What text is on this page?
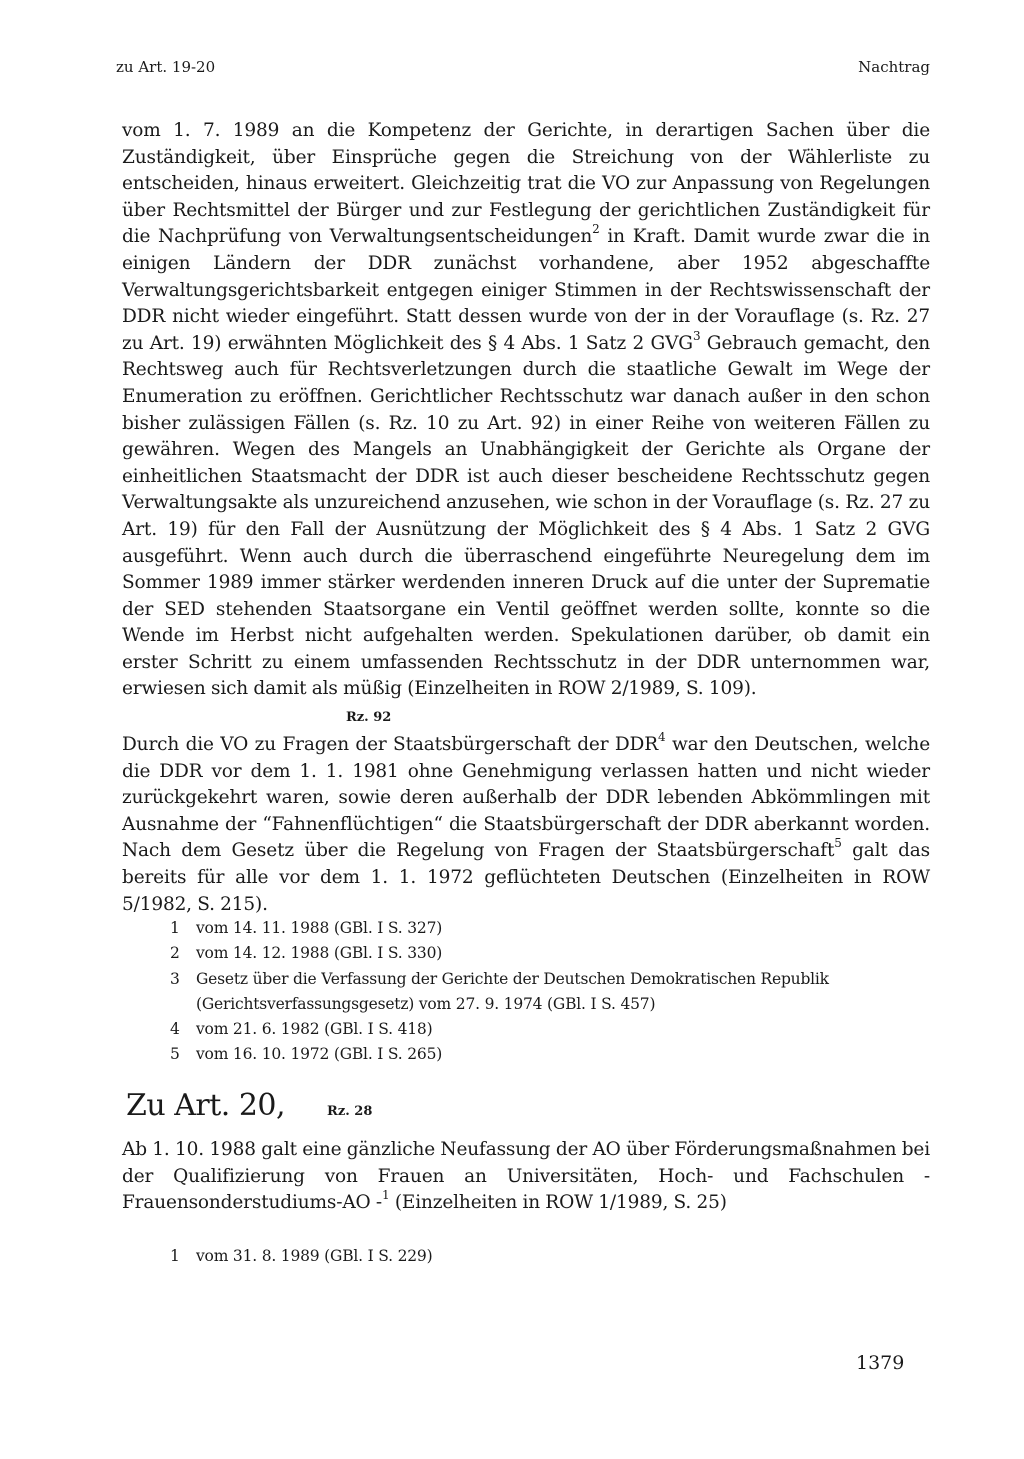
zu Art. 19-20	Nachtrag

vom 1. 7. 1989 an die Kompetenz der Gerichte, in derartigen Sachen über die Zuständigkeit, über Einsprüche gegen die Streichung von der Wählerliste zu entscheiden, hinaus erweitert. Gleichzeitig trat die VO zur Anpassung von Regelungen über Rechtsmittel der Bürger und zur Festlegung der gerichtlichen Zuständigkeit für die Nachprüfung von Verwaltungsentscheidungen$^2$ in Kraft. Damit wurde zwar die in einigen Ländern der DDR zunächst vorhandene, aber 1952 abgeschaffte Verwaltungsgerichtsbarkeit entgegen einiger Stimmen in der Rechtswissenschaft der DDR nicht wieder eingeführt. Statt dessen wurde von der in der Vorauflage (s. Rz. 27 zu Art. 19) erwähnten Möglichkeit des § 4 Abs. 1 Satz 2 GVG$^3$ Gebrauch gemacht, den Rechtsweg auch für Rechtsverletzungen durch die staatliche Gewalt im Wege der Enumeration zu eröffnen. Gerichtlicher Rechtsschutz war danach außer in den schon bisher zulässigen Fällen (s. Rz. 10 zu Art. 92) in einer Reihe von weiteren Fällen zu gewähren. Wegen des Mangels an Unabhängigkeit der Gerichte als Organe der einheitlichen Staatsmacht der DDR ist auch dieser bescheidene Rechtsschutz gegen Verwaltungsakte als unzureichend anzusehen, wie schon in der Vorauflage (s. Rz. 27 zu Art. 19) für den Fall der Ausnützung der Möglichkeit des § 4 Abs. 1 Satz 2 GVG ausgeführt. Wenn auch durch die überraschend eingeführte Neuregelung dem im Sommer 1989 immer stärker werdenden inneren Druck auf die unter der Suprematie der SED stehenden Staatsorgane ein Ventil geöffnet werden sollte, konnte so die Wende im Herbst nicht aufgehalten werden. Spekulationen darüber, ob damit ein erster Schritt zu einem umfassenden Rechtsschutz in der DDR unternommen war, erwiesen sich damit als müßig (Einzelheiten in ROW 2/1989, S. 109).

Rz. 92

Durch die VO zu Fragen der Staatsbürgerschaft der DDR$^4$ war den Deutschen, welche die DDR vor dem 1. 1. 1981 ohne Genehmigung verlassen hatten und nicht wieder zurückgekehrt waren, sowie deren außerhalb der DDR lebenden Abkömmlingen mit Ausnahme der “Fahnenflüchtigen“ die Staatsbürgerschaft der DDR aberkannt worden. Nach dem Gesetz über die Regelung von Fragen der Staatsbürgerschaft$^5$ galt das bereits für alle vor dem 1. 1. 1972 geflüchteten Deutschen (Einzelheiten in ROW 5/1982, S. 215).

1	vom 14. 11. 1988 (GBl. I S. 327)
2	vom 14. 12. 1988 (GBl. I S. 330)
3	Gesetz über die Verfassung der Gerichte der Deutschen Demokratischen Republik (Gerichtsverfassungsgesetz) vom 27. 9. 1974 (GBl. I S. 457)
4	vom 21. 6. 1982 (GBl. I S. 418)
5	vom 16. 10. 1972 (GBl. I S. 265)
Zu Art. 20,	Rz. 28

Ab 1. 10. 1988 galt eine gänzliche Neufassung der AO über Förderungsmaßnahmen bei der Qualifizierung von Frauen an Universitäten, Hoch- und Fachschulen - Frauensonderstudiums-AO -$^1$ (Einzelheiten in ROW 1/1989, S. 25)

1	vom 31. 8. 1989 (GBl. I S. 229)
1379
